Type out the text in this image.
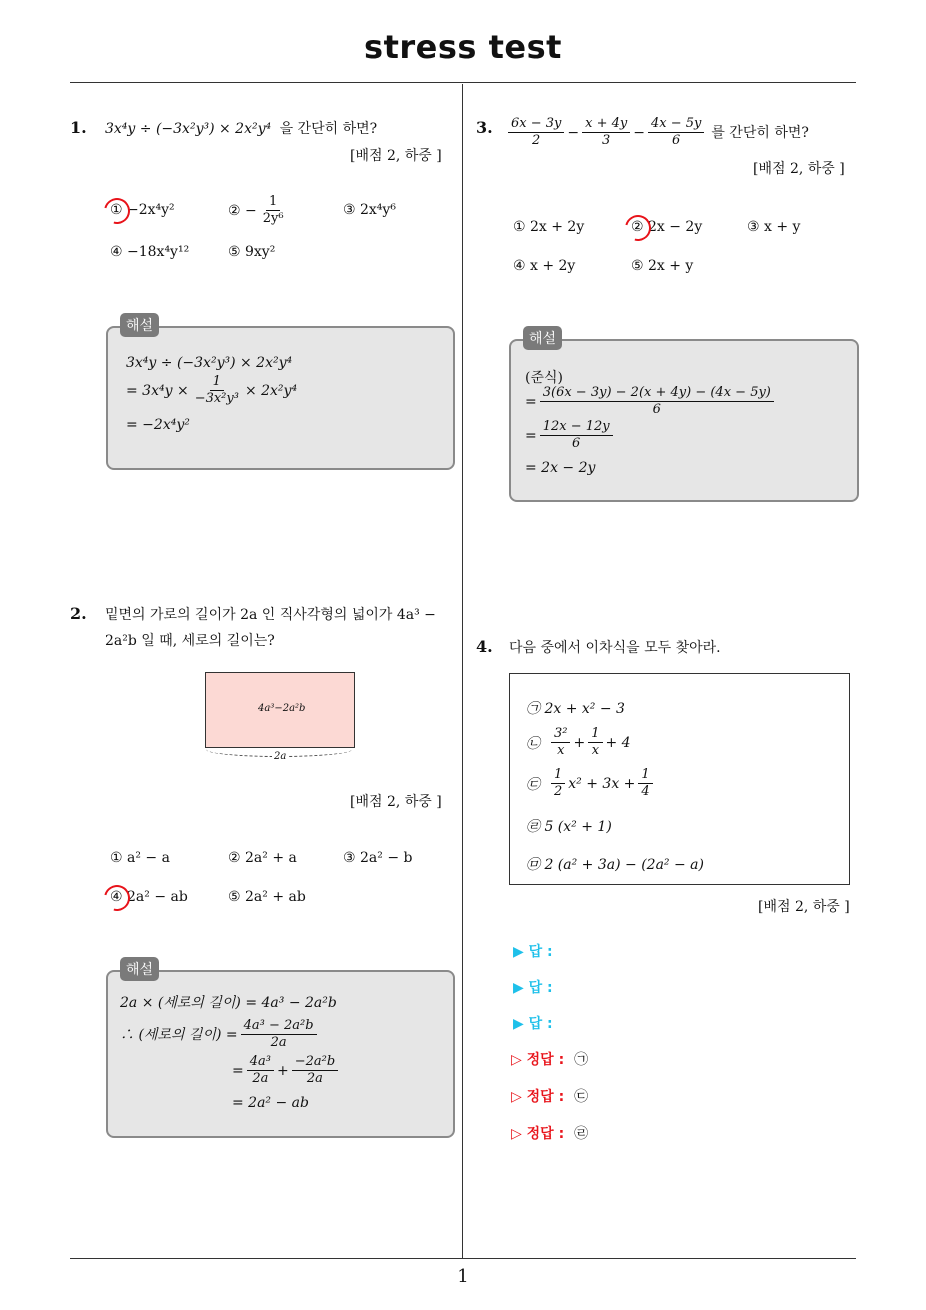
stress test
1
1. 3x⁴y ÷ (−3x²y³) × 2x²y⁴ 을 간단히 하면?
[배점 2, 하중 ]
① −2x⁴y²	② − $\frac{1}{\text{2y⁶}}$	③ 2x⁴y⁶
④ −18x⁴y¹²	⑤ 9xy²
3x⁴y ÷ (−3x²y³) × 2x²y⁴
= $3x^4y \times \frac{1}{\text{−3x²y³}} \times 2x^2y^4$
= −2x⁴y²
해설
2. 밑면의 가로의 길이가 2a 인 직사각형의 넓이가 4a³ −
2a²b 일 때, 세로의 길이는?
4a³−2a²b
2a
[배점 2, 하중 ]
① a² − a	② 2a² + a	③ 2a² − b
④ 2a² − ab	⑤ 2a² + ab
2a × (세로의 길이) = 4a³ − 2a²b
∴ (세로의 길이) = $\frac{\text{4a³ − 2a²b}}{2a}$
= $\frac{\text{4a³}}{2a} + \frac{\text{−2a²b}}{2a}$
= 2a² − ab
해설
3. $\frac{6x - 3y}{2} - \frac{x + 4y}{3} - \frac{4x - 5y}{6}$ 를 간단히 하면?
[배점 2, 하중 ]
① 2x + 2y	② 2x − 2y	③ x + y
④ x + 2y	⑤ 2x + y
(준식)
= $\frac{3(6x - 3y) - 2(x + 4y) - (4x - 5y)}{6}$
= $\frac{12x - 12y}{6}$
= 2x − 2y
해설
4. 다음 중에서 이차식을 모두 찾아라.
㉠ 2x + x² − 3
㉡ $\frac{\text{3²}}{x} + \frac{1}{x} + 4$
㉢ $\frac{1}{2} x^2 + 3x + \frac{1}{4}$
㉣ 5 (x² + 1)
㉤ 2 (a² + 3a) − (2a² − a)
[배점 2, 하중 ]
▶ 답 :
▶ 답 :
▶ 답 :
▷ 정답 : ㉠
▷ 정답 : ㉢
▷ 정답 : ㉣
